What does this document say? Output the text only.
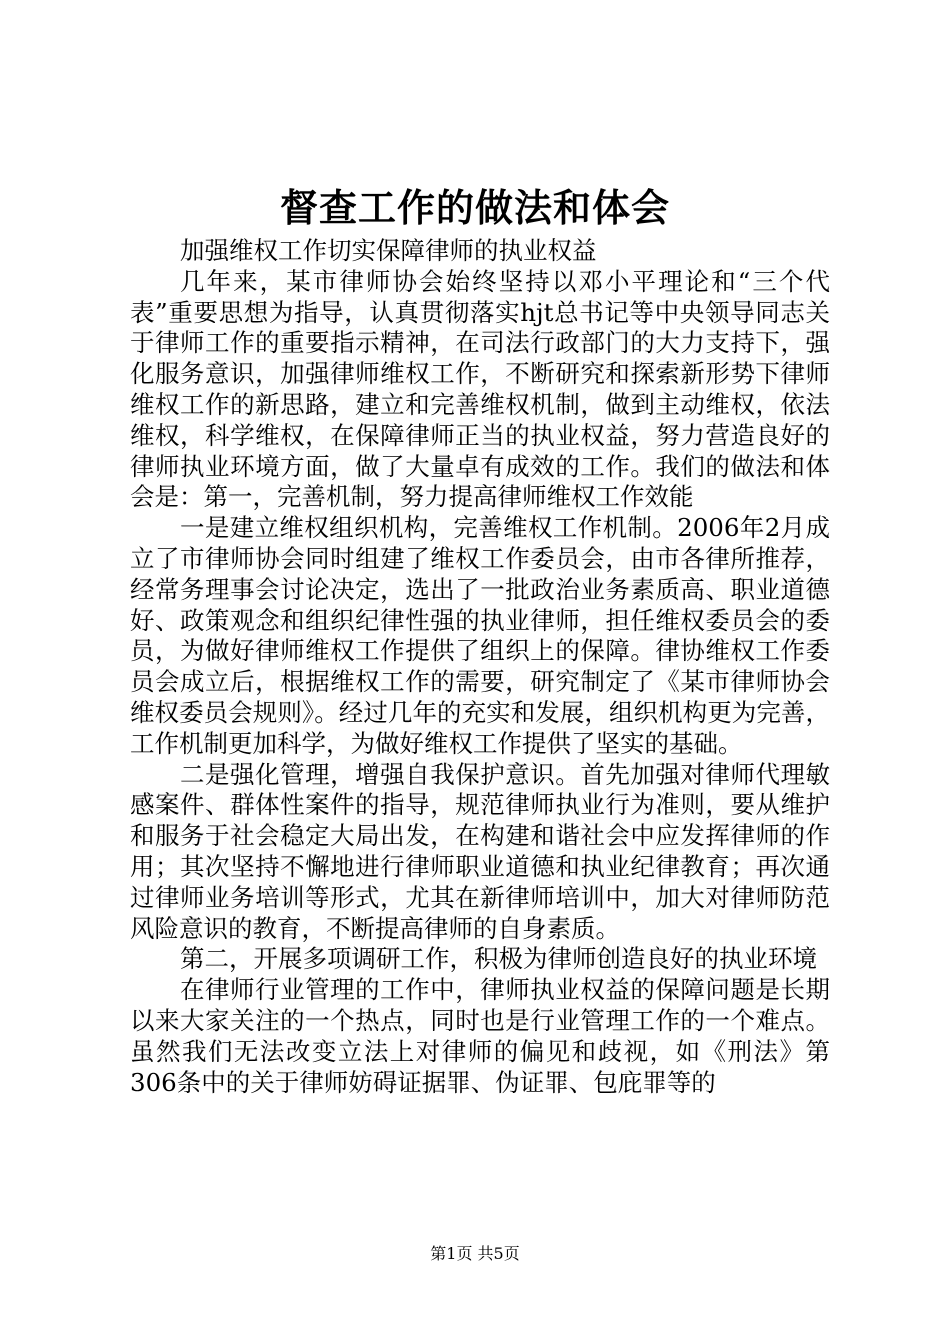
督查工作的做法和体会

加强维权工作切实保障律师的执业权益

几年来，某市律师协会始终坚持以邓小平理论和“三个代表”重要思想为指导，认真贯彻落实hjt总书记等中央领导同志关于律师工作的重要指示精神，在司法行政部门的大力支持下，强化服务意识，加强律师维权工作，不断研究和探索新形势下律师维权工作的新思路，建立和完善维权机制，做到主动维权，依法维权，科学维权，在保障律师正当的执业权益，努力营造良好的律师执业环境方面，做了大量卓有成效的工作。我们的做法和体会是：第一，完善机制，努力提高律师维权工作效能

一是建立维权组织机构，完善维权工作机制。2006年2月成立了市律师协会同时组建了维权工作委员会，由市各律所推荐，经常务理事会讨论决定，选出了一批政治业务素质高、职业道德好、政策观念和组织纪律性强的执业律师，担任维权委员会的委员，为做好律师维权工作提供了组织上的保障。律协维权工作委员会成立后，根据维权工作的需要，研究制定了《某市律师协会维权委员会规则》。经过几年的充实和发展，组织机构更为完善，工作机制更加科学，为做好维权工作提供了坚实的基础。

二是强化管理，增强自我保护意识。首先加强对律师代理敏感案件、群体性案件的指导，规范律师执业行为准则，要从维护和服务于社会稳定大局出发，在构建和谐社会中应发挥律师的作用；其次坚持不懈地进行律师职业道德和执业纪律教育；再次通过律师业务培训等形式，尤其在新律师培训中，加大对律师防范风险意识的教育，不断提高律师的自身素质。

第二，开展多项调研工作，积极为律师创造良好的执业环境

在律师行业管理的工作中，律师执业权益的保障问题是长期以来大家关注的一个热点，同时也是行业管理工作的一个难点。虽然我们无法改变立法上对律师的偏见和歧视，如《刑法》第306条中的关于律师妨碍证据罪、伪证罪、包庇罪等的

第1页 共5页
